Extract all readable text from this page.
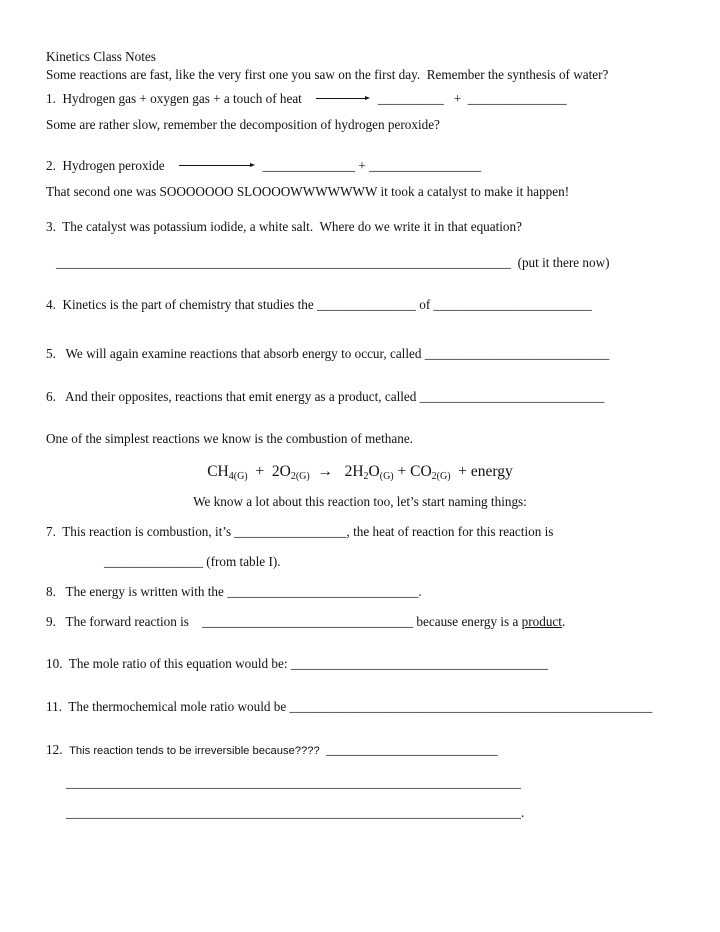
Kinetics Class Notes
Some reactions are fast, like the very first one you saw on the first day.  Remember the synthesis of water?
1.  Hydrogen gas + oxygen gas + a touch of heat	__________ + _______________
Some are rather slow, remember the decomposition of hydrogen peroxide?
2.  Hydrogen peroxide	______________ + _________________
That second one was SOOOOOOO SLOOOOWWWWWWW it took a catalyst to make it happen!
3.  The catalyst was potassium iodide, a white salt.  Where do we write it in that equation?
_____________________________________________________________________ (put it there now)
4.  Kinetics is the part of chemistry that studies the _______________ of ________________________
5.   We will again examine reactions that absorb energy to occur, called ____________________________
6.   And their opposites, reactions that emit energy as a product, called ____________________________
One of the simplest reactions we know is the combustion of methane.
$CH_{4(G)} + 2O_{2(G)} \to 2H_2O_{(G)} + CO_{2(G)}$  + energy
We know a lot about this reaction too, let’s start naming things:
7.  This reaction is combustion, it’s _________________, the heat of reaction for this reaction is
_______________ (from table I).
8.   The energy is written with the _____________________________.
9.   The forward reaction is ________________________________ because energy is a product.
10.  The mole ratio of this equation would be: _______________________________________
11.  The thermochemical mole ratio would be _______________________________________________________
12. This reaction tends to be irreversible because???? __________________________
_____________________________________________________________________
_____________________________________________________________________.
